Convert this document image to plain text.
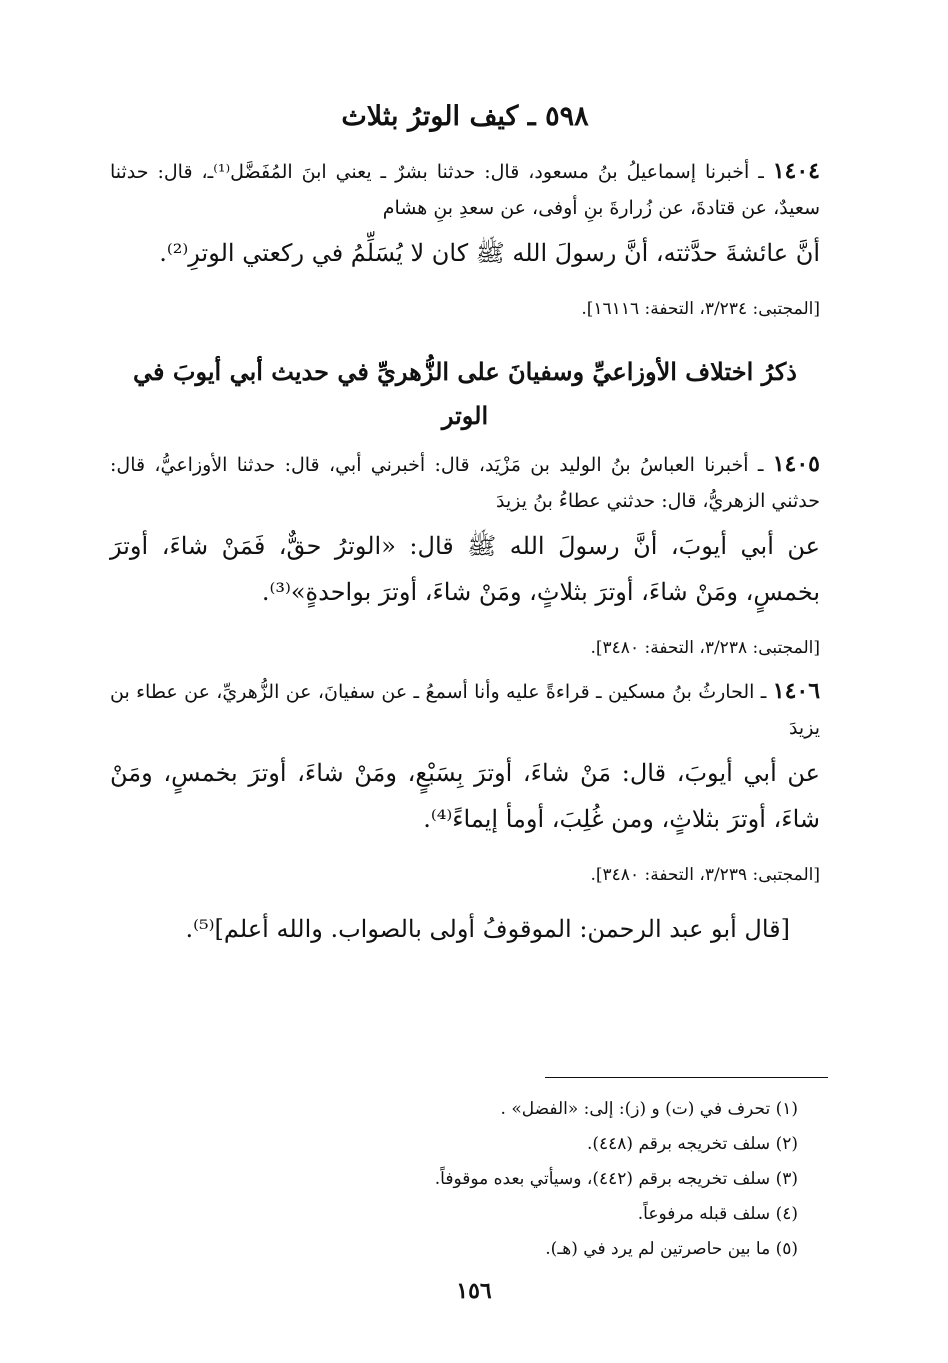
٥٩٨ ـ كيف الوترُ بثلاث

١٤٠٤ ـ أخبرنا إسماعيلُ بنُ مسعود، قال: حدثنا بشرٌ ـ يعني ابنَ المُفَضَّل⁽¹⁾ـ، قال: حدثنا سعيدٌ، عن قتادةَ، عن زُرارةَ بنِ أوفى، عن سعدِ بنِ هشام

أنَّ عائشةَ حدَّثته، أنَّ رسولَ الله ﷺ كان لا يُسَلِّمُ في ركعتي الوترِ⁽²⁾.

[المجتبى: ٣/٢٣٤، التحفة: ١٦١١٦].

ذكرُ اختلاف الأوزاعيِّ وسفيانَ على الزُّهريِّ في حديث أبي أيوبَ في الوتر

١٤٠٥ ـ أخبرنا العباسُ بنُ الوليد بن مَزْيَد، قال: أخبرني أبي، قال: حدثنا الأوزاعيُّ، قال: حدثني الزهريُّ، قال: حدثني عطاءُ بنُ يزيدَ

عن أبي أيوبَ، أنَّ رسولَ الله ﷺ قال: «الوترُ حقٌّ، فَمَنْ شاءَ، أوترَ بخمسٍ، ومَنْ شاءَ، أوترَ بثلاثٍ، ومَنْ شاءَ، أوترَ بواحدةٍ»⁽³⁾.

[المجتبى: ٣/٢٣٨، التحفة: ٣٤٨٠].

١٤٠٦ ـ الحارثُ بنُ مسكين ـ قراءةً عليه وأنا أسمعُ ـ عن سفيانَ، عن الزُّهريِّ، عن عطاء بن يزيدَ

عن أبي أيوبَ، قال: مَنْ شاءَ، أوترَ بِسَبْعٍ، ومَنْ شاءَ، أوترَ بخمسٍ، ومَنْ شاءَ، أوترَ بثلاثٍ، ومن غُلِبَ، أومأ إيماءً⁽⁴⁾.

[المجتبى: ٣/٢٣٩، التحفة: ٣٤٨٠].

[قال أبو عبد الرحمن: الموقوفُ أولى بالصواب. والله أعلم]⁽⁵⁾.

(١) تحرف في (ت) و (ز): إلى: «الفضل» .
(٢) سلف تخريجه برقم (٤٤٨).
(٣) سلف تخريجه برقم (٤٤٢)، وسيأتي بعده موقوفاً.
(٤) سلف قبله مرفوعاً.
(٥) ما بين حاصرتين لم يرد في (هـ).
١٥٦
